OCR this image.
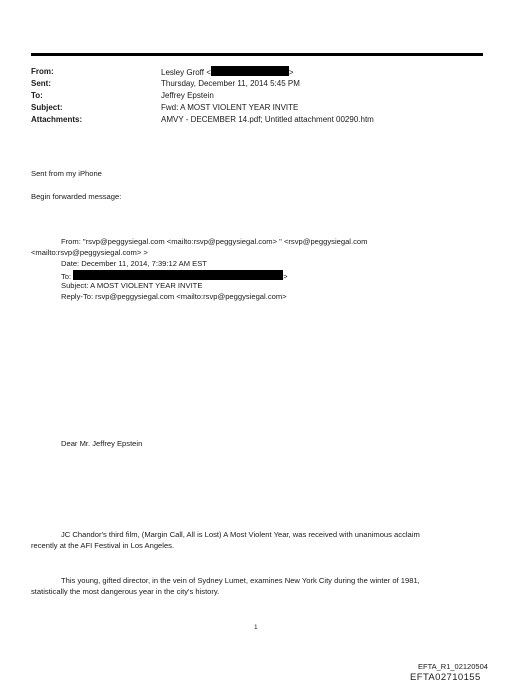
From:	Lesley Groff <	>
Sent:	Thursday, December 11, 2014 5:45 PM
To:	Jeffrey Epstein
Subject:	Fwd: A MOST VIOLENT YEAR INVITE
Attachments:	AMVY - DECEMBER 14.pdf; Untitled attachment 00290.htm
Sent from my iPhone
Begin forwarded message:
From: "rsvp@peggysiegal.com <mailto:rsvp@peggysiegal.com> " <rsvp@peggysiegal.com
<mailto:rsvp@peggysiegal.com> >
Date: December 11, 2014, 7:39:12 AM EST
To:	>
Subject: A MOST VIOLENT YEAR INVITE
Reply-To: rsvp@peggysiegal.com <mailto:rsvp@peggysiegal.com>
Dear Mr. Jeffrey Epstein
JC Chandor's third film, (Margin Call, All is Lost) A Most Violent Year, was received with unanimous acclaim
recently at the AFI Festival in Los Angeles.
This young, gifted director, in the vein of Sydney Lumet, examines New York City during the winter of 1981,
statistically the most dangerous year in the city's history.
1
EFTA_R1_02120504
EFTA02710155
